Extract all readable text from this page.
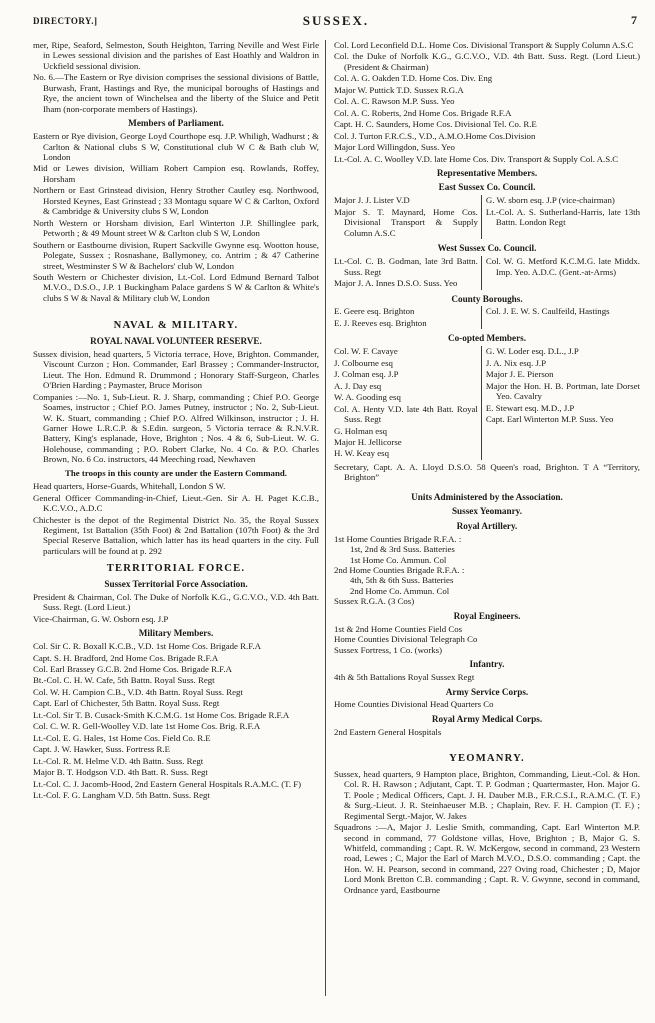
DIRECTORY.]	SUSSEX.	7

mer, Ripe, Seaford, Selmeston, South Heighton, Tarring Neville and West Firle in Lewes sessional division and the parishes of East Hoathly and Waldron in Uckfield sessional division.

No. 6.—The Eastern or Rye division comprises the sessional divisions of Battle, Burwash, Frant, Hastings and Rye, the municipal boroughs of Hastings and Rye, the ancient town of Winchelsea and the liberty of the Sluice and Petit Iham (non-corporate members of Hastings).

Members of Parliament.

Eastern or Rye division, George Loyd Courthope esq. J.P. Whiligh, Wadhurst ; & Carlton & National clubs S W, Constitutional club W C & Bath club W, London

Mid or Lewes division, William Robert Campion esq. Rowlands, Roffey, Horsham

Northern or East Grinstead division, Henry Strother Cautley esq. Northwood, Horsted Keynes, East Grinstead ; 33 Montagu square W C & Carlton, Oxford & Cambridge & University clubs S W, London

North Western or Horsham division, Earl Winterton J.P. Shillinglee park, Petworth ; & 49 Mount street W & Carlton club S W, London

Southern or Eastbourne division, Rupert Sackville Gwynne esq. Wootton house, Polegate, Sussex ; Rosnashane, Ballymoney, co. Antrim ; & 47 Catherine street, Westminster S W & Bachelors' club W, London

South Western or Chichester division, Lt.-Col. Lord Edmund Bernard Talbot M.V.O., D.S.O., J.P. 1 Buckingham Palace gardens S W & Carlton & White's clubs S W & Naval & Military club W, London

NAVAL & MILITARY.
ROYAL NAVAL VOLUNTEER RESERVE.

Sussex division, head quarters, 5 Victoria terrace, Hove, Brighton. Commander, Viscount Curzon ; Hon. Commander, Earl Brassey ; Commander-Instructor, Lieut. The Hon. Edmund R. Drummond ; Honorary Staff-Surgeon, Charles O'Brien Harding ; Paymaster, Bruce Morison

Companies :—No. 1, Sub-Lieut. R. J. Sharp, commanding ; Chief P.O. George Soames, instructor ; Chief P.O. James Putney, instructor ; No. 2, Sub-Lieut. W. K. Stuart, commanding ; Chief P.O. Alfred Wilkinson, instructor ; J. H. Garner Howe L.R.C.P. & S.Edin. surgeon, 5 Victoria terrace & R.N.V.R. Battery, King's esplanade, Hove, Brighton ; Nos. 4 & 6, Sub-Lieut. W. G. Holehouse, commanding ; P.O. Robert Clarke, No. 4 Co. & P.O. Charles Brown, No. 6 Co. instructors, 44 Meeching road, Newhaven

The troops in this county are under the Eastern Command.

Head quarters, Horse-Guards, Whitehall, London S W.

General Officer Commanding-in-Chief, Lieut.-Gen. Sir A. H. Paget K.C.B., K.C.V.O., A.D.C

Chichester is the depot of the Regimental District No. 35, the Royal Sussex Regiment, 1st Battalion (35th Foot) & 2nd Battalion (107th Foot) & the 3rd Special Reserve Battalion, which latter has its head quarters in the city. Full particulars will be found at p. 292

TERRITORIAL FORCE.
Sussex Territorial Force Association.

President & Chairman, Col. The Duke of Norfolk K.G., G.C.V.O., V.D. 4th Batt. Suss. Regt. (Lord Lieut.)

Vice-Chairman, G. W. Osborn esq. J.P

Military Members.

Col. Sir C. R. Boxall K.C.B., V.D. 1st Home Cos. Brigade R.F.A

Capt. S. H. Bradford, 2nd Home Cos. Brigade R.F.A

Col. Earl Brassey G.C.B. 2nd Home Cos. Brigade R.F.A

Bt.-Col. C. H. W. Cafe, 5th Battn. Royal Suss. Regt

Col. W. H. Campion C.B., V.D. 4th Battn. Royal Suss. Regt

Capt. Earl of Chichester, 5th Battn. Royal Suss. Regt

Lt.-Col. Sir T. B. Cusack-Smith K.C.M.G. 1st Home Cos. Brigade R.F.A

Col. C. W. R. Gell-Woolley V.D. late 1st Home Cos. Brig. R.F.A

Lt.-Col. E. G. Hales, 1st Home Cos. Field Co. R.E

Capt. J. W. Hawker, Suss. Fortress R.E

Lt.-Col. R. M. Helme V.D. 4th Battn. Suss. Regt

Major B. T. Hodgson V.D. 4th Batt. R. Suss. Regt

Lt.-Col. C. J. Jacomb-Hood, 2nd Eastern General Hospitals R.A.M.C. (T. F)

Lt.-Col. F. G. Langham V.D. 5th Battn. Suss. Regt

Col. Lord Leconfield D.L. Home Cos. Divisional Transport & Supply Column A.S.C

Col. the Duke of Norfolk K.G., G.C.V.O., V.D. 4th Batt. Suss. Regt. (Lord Lieut.) (President & Chairman)

Col. A. G. Oakden T.D. Home Cos. Div. Eng

Major W. Puttick T.D. Sussex R.G.A

Col. A. C. Rawson M.P. Suss. Yeo

Col. A. C. Roberts, 2nd Home Cos. Brigade R.F.A

Capt. H. C. Saunders, Home Cos. Divisional Tel. Co. R.E

Col. J. Turton F.R.C.S., V.D., A.M.O.Home Cos.Division

Major Lord Willingdon, Suss. Yeo

Lt.-Col. A. C. Woolley V.D. late Home Cos. Div. Transport & Supply Col. A.S.C

Representative Members.
East Sussex Co. Council.

Major J. J. Lister V.D

Major S. T. Maynard, Home Cos. Divisional Transport & Supply Column A.S.C

G. W. sborn esq. J.P (vice-chairman)

Lt.-Col. A. S. Sutherland-Harris, late 13th Battn. London Regt

West Sussex Co. Council.

Lt.-Col. C. B. Godman, late 3rd Battn. Suss. Regt

Major J. A. Innes D.S.O. Suss. Yeo

Col. W. G. Metford K.C.M.G. late Middx. Imp. Yeo. A.D.C. (Gent.-at-Arms)

County Boroughs.

E. Geere esq. Brighton

E. J. Reeves esq. Brighton

Col. J. E. W. S. Caulfeild, Hastings

Co-opted Members.

Col. W. F. Cavaye

J. Colbourne esq

J. Colman esq. J.P

A. J. Day esq

W. A. Gooding esq

Col. A. Henty V.D. late 4th Batt. Royal Suss. Regt

G. Holman esq

Major H. Jellicorse

H. W. Keay esq

G. W. Loder esq. D.L., J.P

J. A. Nix esq. J.P

Major J. E. Pierson

Major the Hon. H. B. Portman, late Dorset Yeo. Cavalry

E. Stewart esq. M.D., J.P

Capt. Earl Winterton M.P. Suss. Yeo

Secretary, Capt. A. A. Lloyd D.S.O. 58 Queen's road, Brighton. T A “Territory, Brighton”

Units Administered by the Association.
Sussex Yeomanry.
Royal Artillery.

1st Home Counties Brigade R.F.A. :

1st, 2nd & 3rd Suss. Batteries

1st Home Co. Ammun. Col

2nd Home Counties Brigade R.F.A. :

4th, 5th & 6th Suss. Batteries

2nd Home Co. Ammun. Col

Sussex R.G.A. (3 Cos)

Royal Engineers.

1st & 2nd Home Counties Field Cos

Home Counties Divisional Telegraph Co

Sussex Fortress, 1 Co. (works)

Infantry.

4th & 5th Battalions Royal Sussex Regt

Army Service Corps.

Home Counties Divisional Head Quarters Co

Royal Army Medical Corps.

2nd Eastern General Hospitals

YEOMANRY.

Sussex, head quarters, 9 Hampton place, Brighton, Commanding, Lieut.-Col. & Hon. Col. R. H. Rawson ; Adjutant, Capt. T. P. Godman ; Quartermaster, Hon. Major G. T. Poole ; Medical Officers, Capt. J. H. Dauber M.B., F.R.C.S.I., R.A.M.C. (T. F.) & Surg.-Lieut. J. R. Steinhaeuser M.B. ; Chaplain, Rev. F. H. Campion (T. F.) ; Regimental Sergt.-Major, W. Jakes

Squadrons :—A, Major J. Leslie Smith, commanding, Capt. Earl Winterton M.P. second in command, 77 Goldstone villas, Hove, Brighton ; B, Major G. S. Whitfeld, commanding ; Capt. R. W. McKergow, second in command, 23 Western road, Lewes ; C, Major the Earl of March M.V.O., D.S.O. commanding ; Capt. the Hon. W. H. Pearson, second in command, 227 Oving road, Chichester ; D, Major Lord Monk Bretton C.B. commanding ; Capt. R. V. Gwynne, second in command, Ordnance yard, Eastbourne
